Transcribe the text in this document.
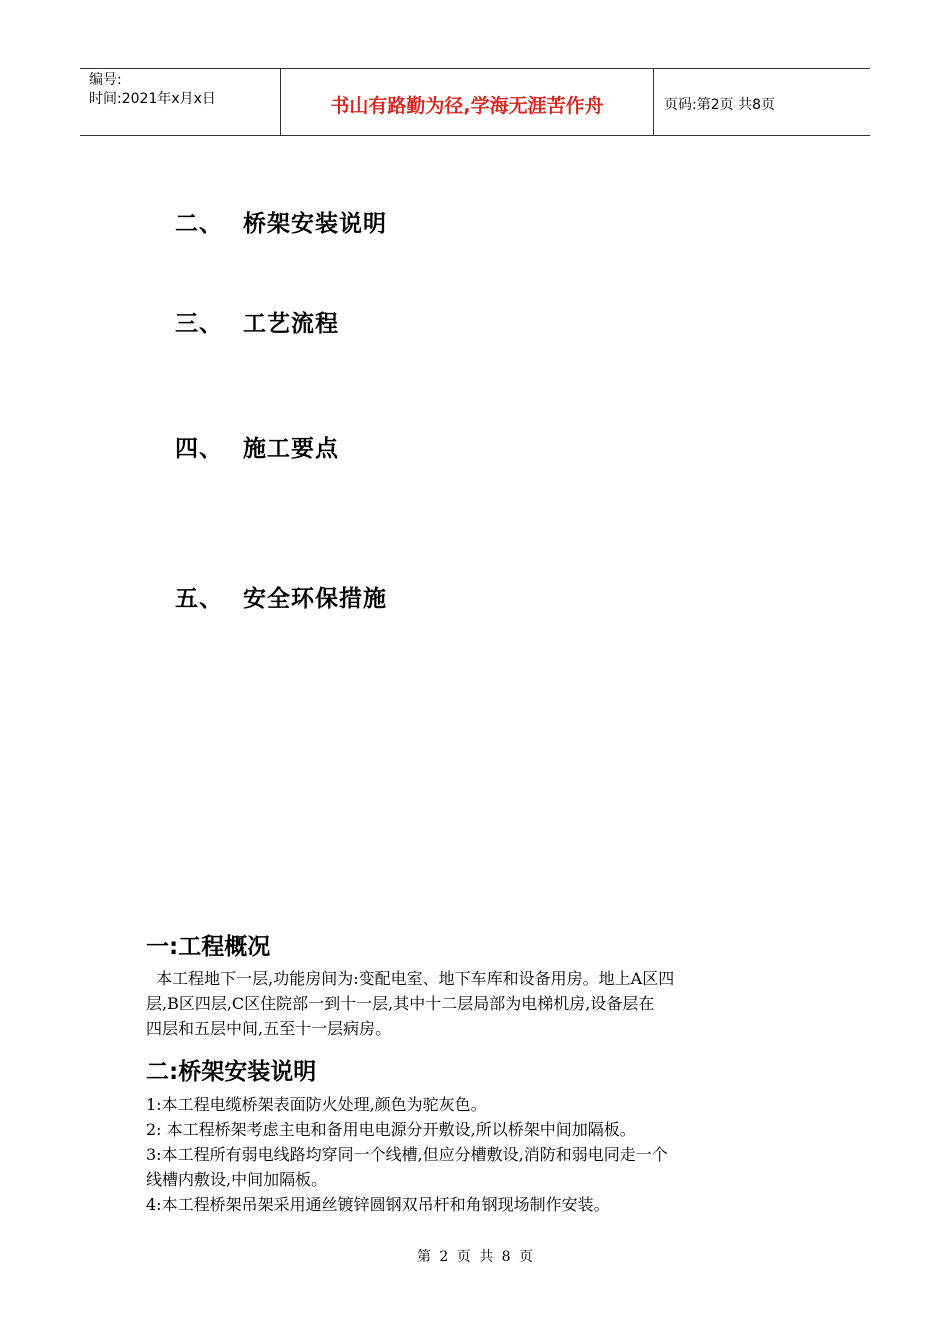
编号:
时间:2021年x月x日	书山有路勤为径,学海无涯苦作舟	页码:第2页 共8页
二、 桥架安装说明
三、 工艺流程
四、 施工要点
五、 安全环保措施
一:工程概况

本工程地下一层,功能房间为:变配电室、地下车库和设备用房。地上A区四

层,B区四层,C区住院部一到十一层,其中十二层局部为电梯机房,设备层在

四层和五层中间,五至十一层病房。

二:桥架安装说明

1:本工程电缆桥架表面防火处理,颜色为驼灰色。

2: 本工程桥架考虑主电和备用电电源分开敷设,所以桥架中间加隔板。

3:本工程所有弱电线路均穿同一个线槽,但应分槽敷设,消防和弱电同走一个

线槽内敷设,中间加隔板。

4:本工程桥架吊架采用通丝镀锌圆钢双吊杆和角钢现场制作安装。

第 2 页 共 8 页
